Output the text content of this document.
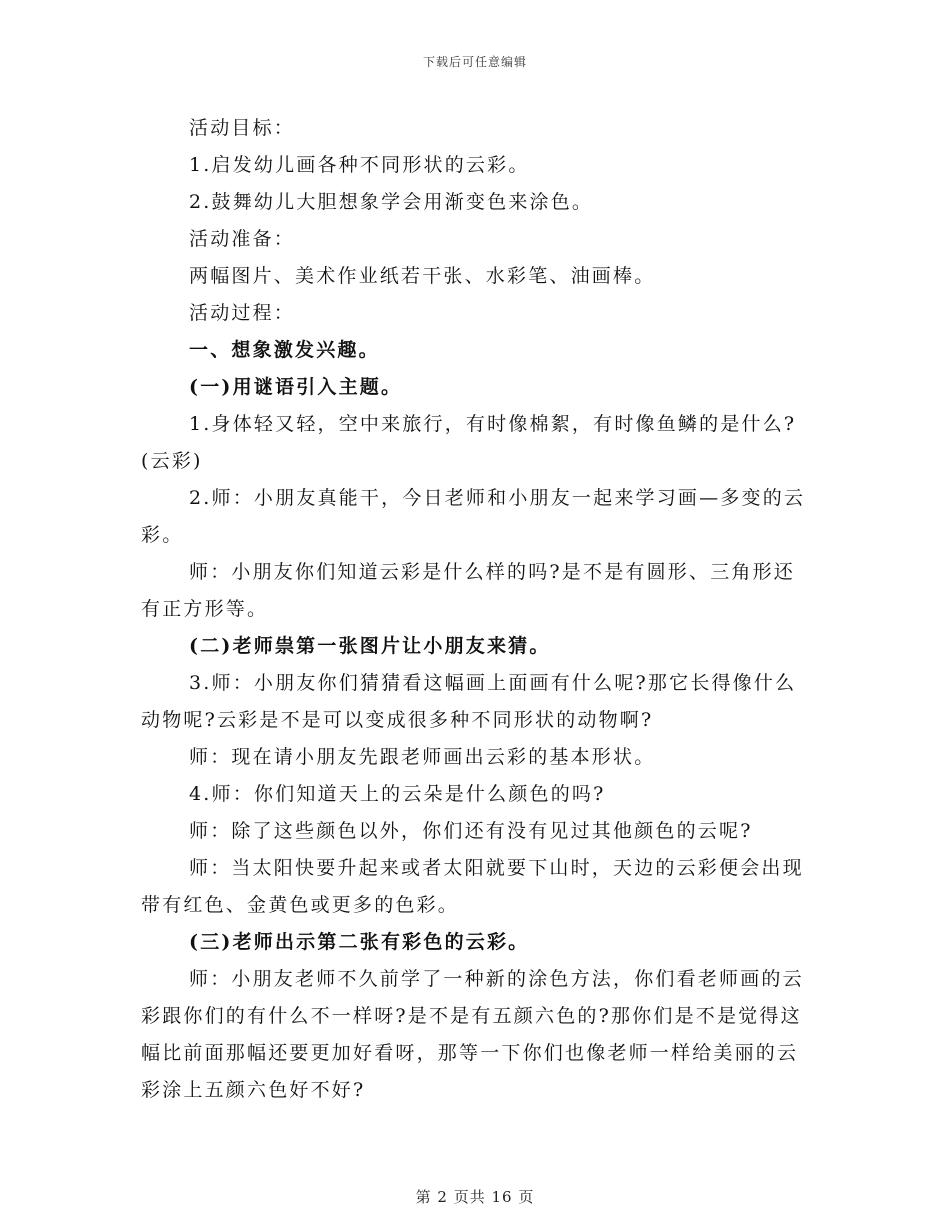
下载后可任意编辑

活动目标：

1.启发幼儿画各种不同形状的云彩。

2.鼓舞幼儿大胆想象学会用渐变色来涂色。

活动准备：

两幅图片、美术作业纸若干张、水彩笔、油画棒。

活动过程：

一、想象激发兴趣。

(一)用谜语引入主题。

1.身体轻又轻，空中来旅行，有时像棉絮，有时像鱼鳞的是什么?(云彩)

2.师：小朋友真能干，今日老师和小朋友一起来学习画—多变的云彩。

师：小朋友你们知道云彩是什么样的吗?是不是有圆形、三角形还有正方形等。

(二)老师祟第一张图片让小朋友来猜。

3.师：小朋友你们猜猜看这幅画上面画有什么呢?那它长得像什么动物呢?云彩是不是可以变成很多种不同形状的动物啊?

师：现在请小朋友先跟老师画出云彩的基本形状。

4.师：你们知道天上的云朵是什么颜色的吗?

师：除了这些颜色以外，你们还有没有见过其他颜色的云呢?

师：当太阳快要升起来或者太阳就要下山时，天边的云彩便会出现带有红色、金黄色或更多的色彩。

(三)老师出示第二张有彩色的云彩。

师：小朋友老师不久前学了一种新的涂色方法，你们看老师画的云彩跟你们的有什么不一样呀?是不是有五颜六色的?那你们是不是觉得这幅比前面那幅还要更加好看呀，那等一下你们也像老师一样给美丽的云彩涂上五颜六色好不好?

第 2 页共 16 页
